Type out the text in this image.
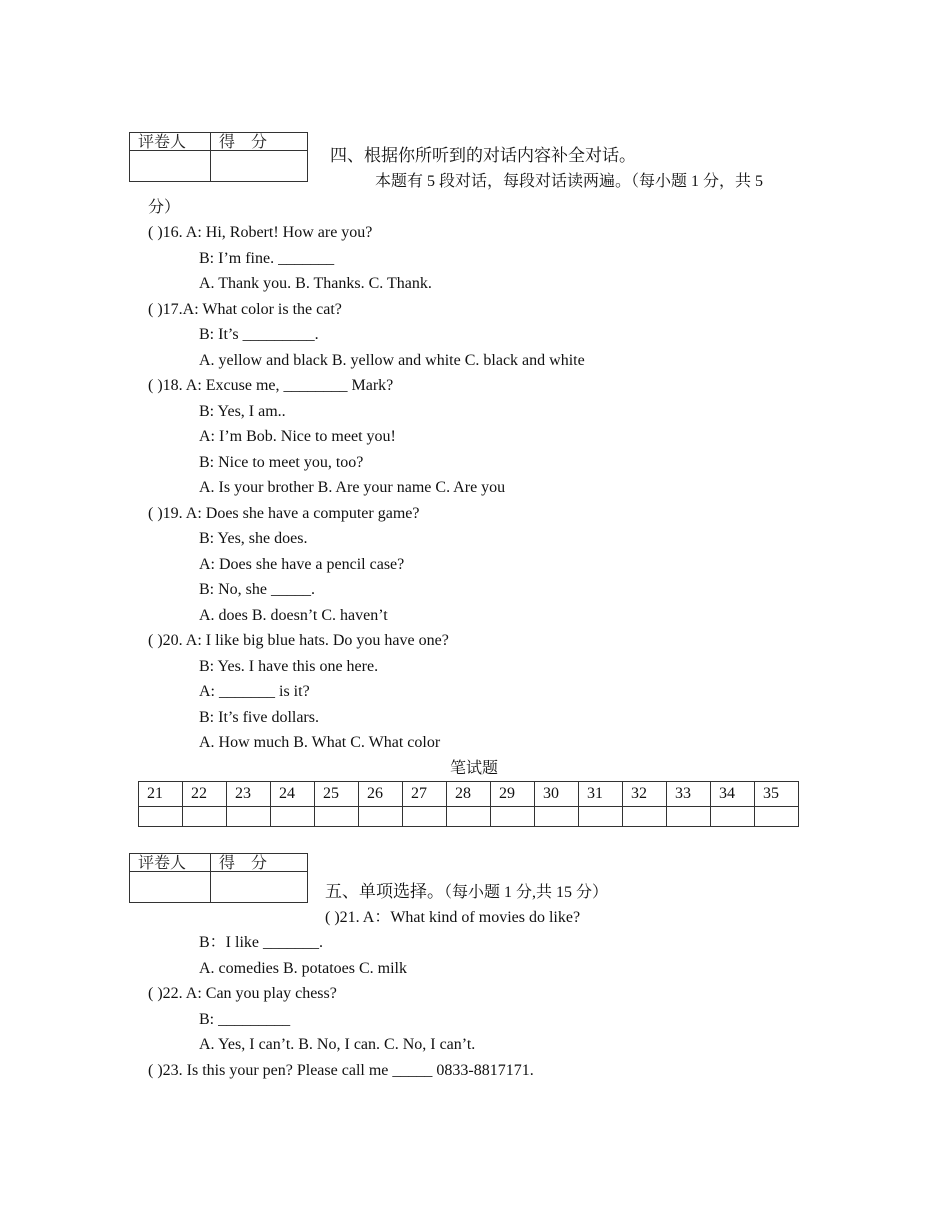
评卷人	得　分

四、根据你所听到的对话内容补全对话。
本题有 5 段对话，每段对话读两遍。（每小题 1 分，共 5
分）
( )16. A: Hi, Robert! How are you?
B: I’m fine. _______
A. Thank you. B. Thanks. C. Thank.
( )17.A: What color is the cat?
B: It’s _________.
A. yellow and black B. yellow and white C. black and white
( )18. A: Excuse me, ________ Mark?
B: Yes, I am..
A: I’m Bob. Nice to meet you!
B: Nice to meet you, too?
A. Is your brother B. Are your name C. Are you
( )19. A: Does she have a computer game?
B: Yes, she does.
A: Does she have a pencil case?
B: No, she _____.
A. does B. doesn’t C. haven’t
( )20. A: I like big blue hats. Do you have one?
B: Yes. I have this one here.
A: _______ is it?
B: It’s five dollars.
A. How much B. What C. What color
笔试题
21	22	23	24	25	26	27	28	29	30	31	32	33	34	35

评卷人	得　分

五、单项选择。（每小题 1 分,共 15 分）
( )21. A：What kind of movies do like?
B：I like _______.
A. comedies B. potatoes C. milk
( )22. A: Can you play chess?
B: _________
A. Yes, I can’t. B. No, I can. C. No, I can’t.
( )23. Is this your pen? Please call me _____ 0833-8817171.
